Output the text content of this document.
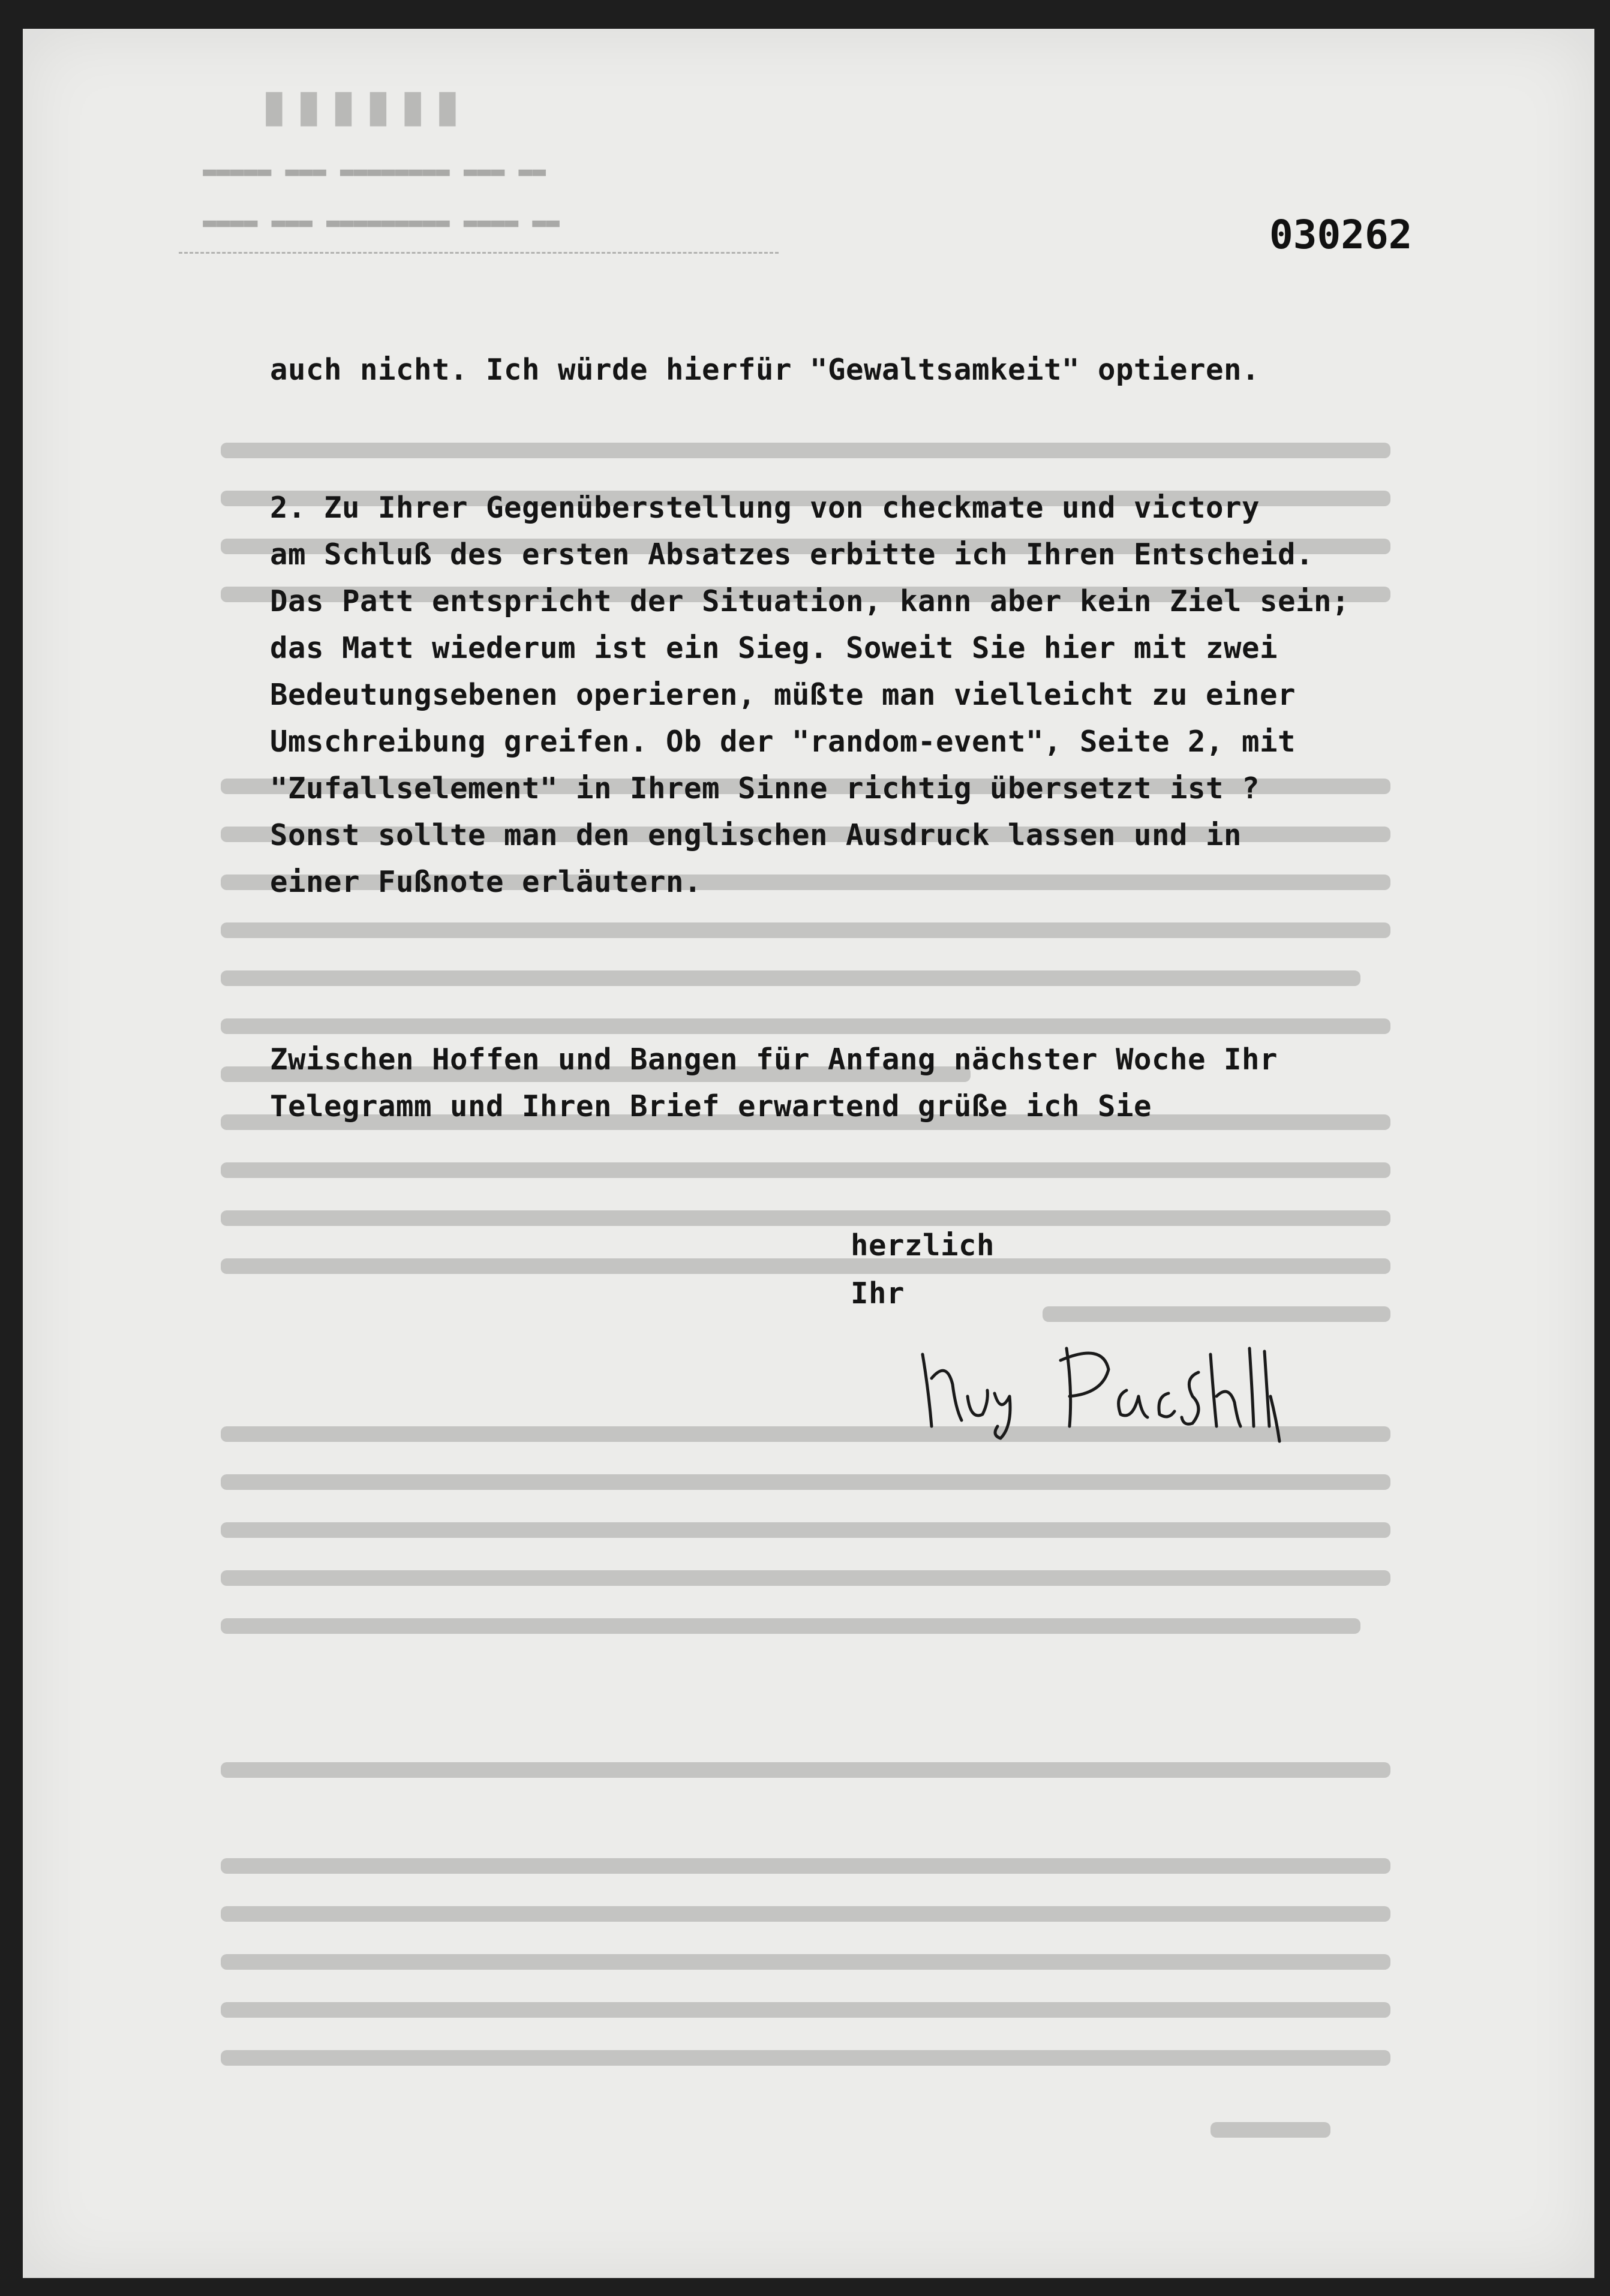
▮▮▮▮▮▮
▬▬ ▬▬▬ ▬▬▬▬▬▬▬▬ ▬▬▬ ▬▬▬▬▬
▬▬ ▬▬▬▬ ▬▬▬▬▬▬▬▬▬ ▬▬▬ ▬▬▬▬	030262
auch nicht. Ich würde hierfür "Gewaltsamkeit" optieren.
2. Zu Ihrer Gegenüberstellung von checkmate und victory
am Schluß des ersten Absatzes erbitte ich Ihren Entscheid.
Das Patt entspricht der Situation, kann aber kein Ziel sein;
das Matt wiederum ist ein Sieg. Soweit Sie hier mit zwei
Bedeutungsebenen operieren, müßte man vielleicht zu einer
Umschreibung greifen. Ob der "random-event", Seite 2, mit
"Zufallselement" in Ihrem Sinne richtig übersetzt ist ?
Sonst sollte man den englischen Ausdruck lassen und in
einer Fußnote erläutern.
Zwischen Hoffen und Bangen für Anfang nächster Woche Ihr
Telegramm und Ihren Brief erwartend grüße ich Sie
herzlich
Ihr
